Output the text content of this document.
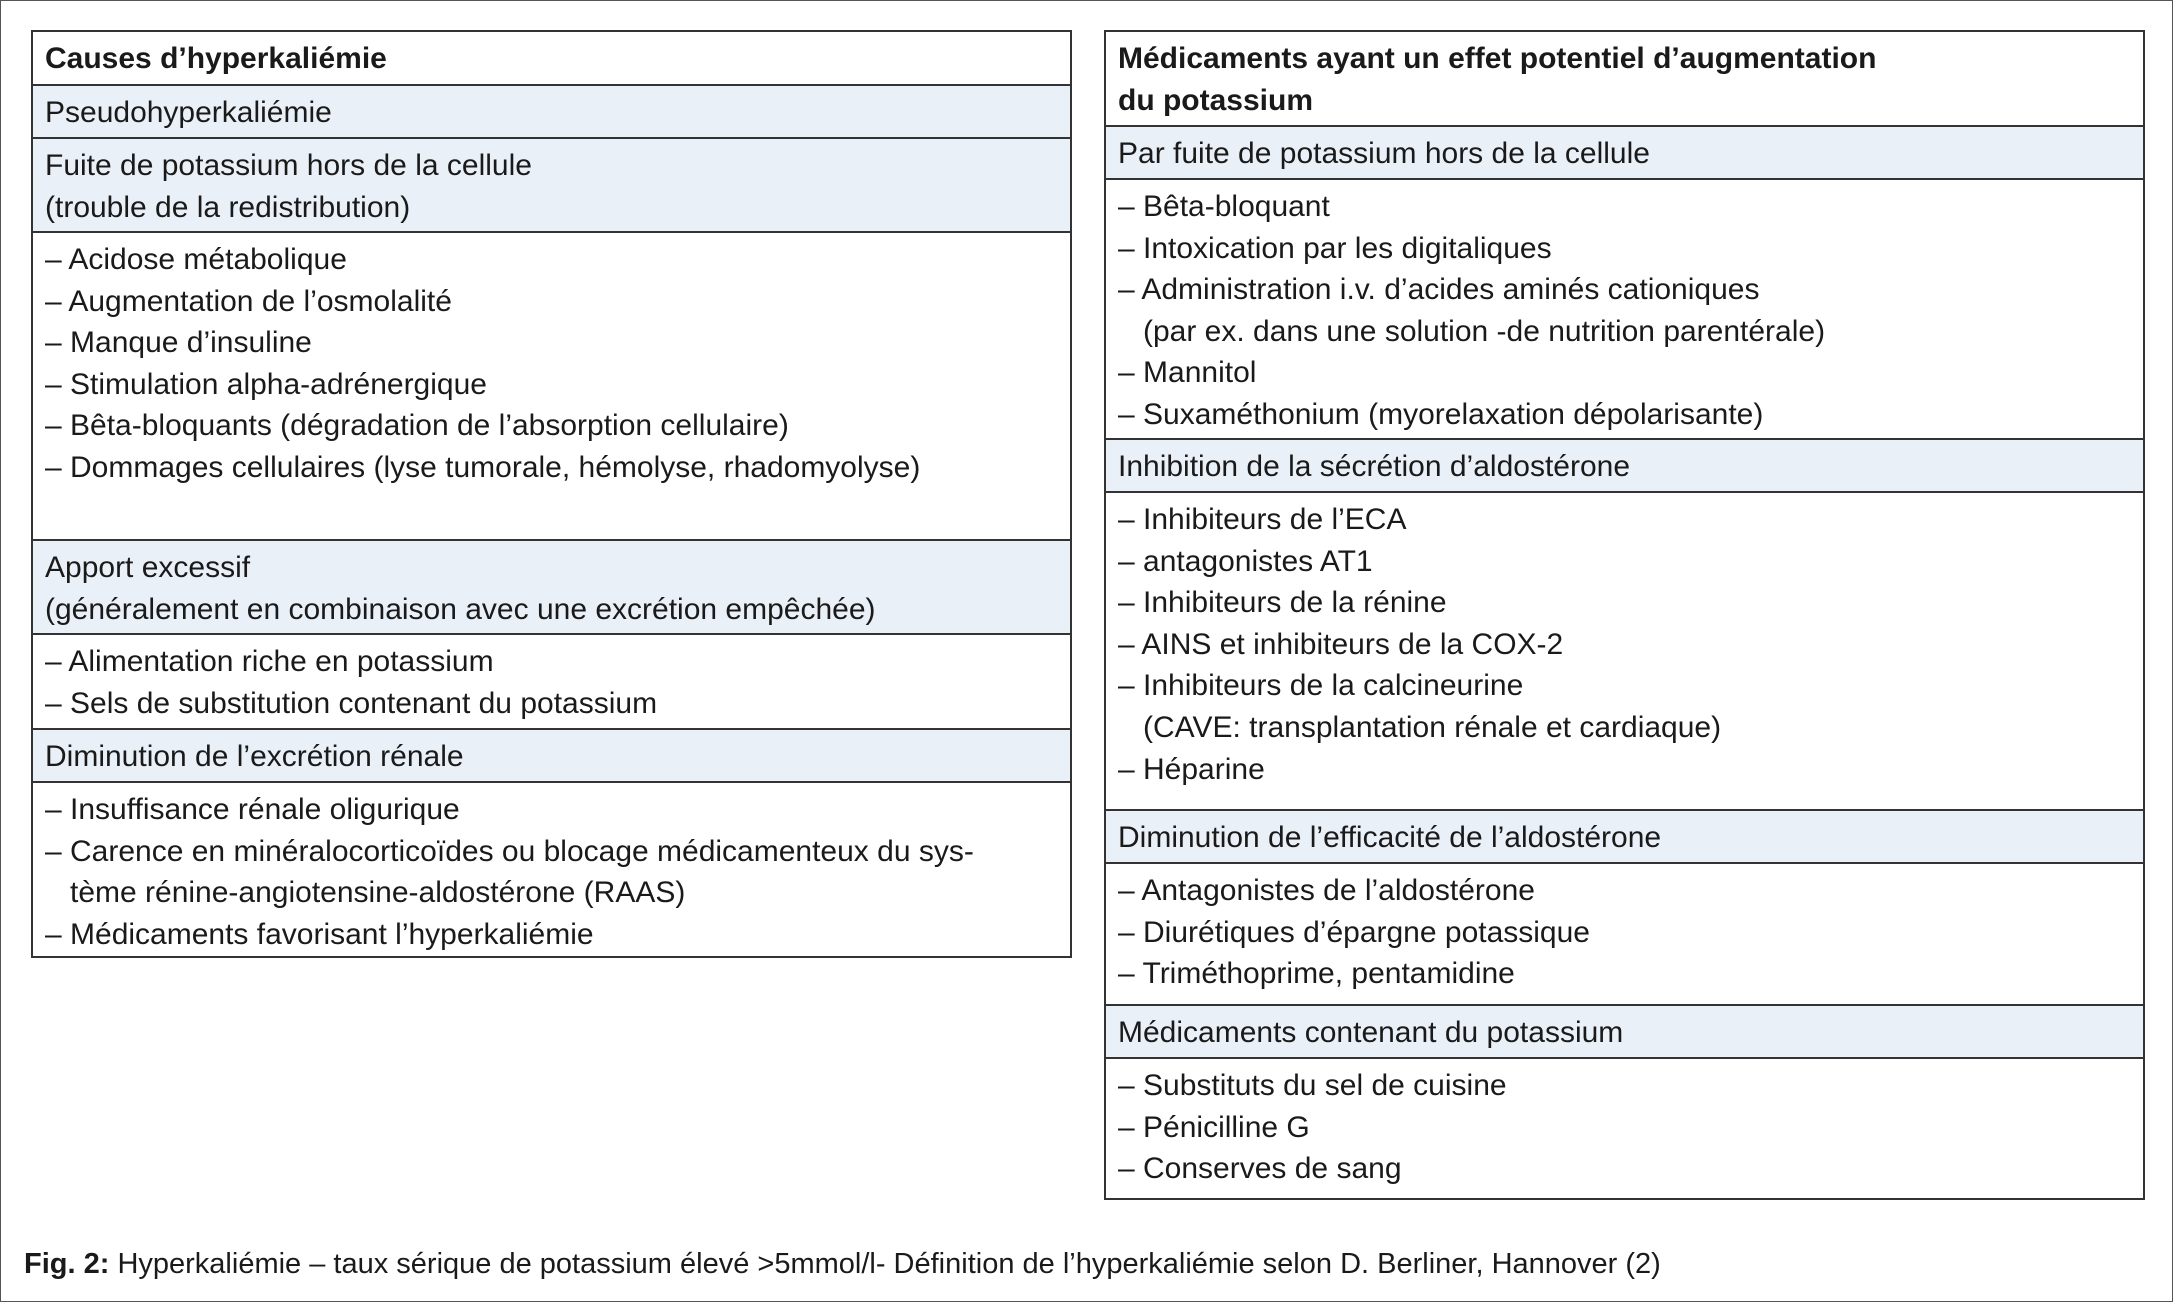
Causes d’hyperkaliémie
Pseudohyperkaliémie
Fuite de potassium hors de la cellule
(trouble de la redistribution)
– Acidose métabolique
– Augmentation de l’osmolalité
– Manque d’insuline
– Stimulation alpha-adrénergique
– Bêta-bloquants (dégradation de l’absorption cellulaire)
– Dommages cellulaires (lyse tumorale, hémolyse, rhadomyolyse)
Apport excessif
(généralement en combinaison avec une excrétion empêchée)
– Alimentation riche en potassium
– Sels de substitution contenant du potassium
Diminution de l’excrétion rénale
– Insuffisance rénale oligurique
– Carence en minéralocorticoïdes ou blocage médicamenteux du sys-
tème rénine-angiotensine-aldostérone (RAAS)
– Médicaments favorisant l’hyperkaliémie
Médicaments ayant un effet potentiel d’augmentation
du potassium
Par fuite de potassium hors de la cellule
– Bêta-bloquant
– Intoxication par les digitaliques
– Administration i.v. d’acides aminés cationiques
(par ex. dans une solution -de nutrition parentérale)
– Mannitol
– Suxaméthonium (myorelaxation dépolarisante)
Inhibition de la sécrétion d’aldostérone
– Inhibiteurs de l’ECA
– antagonistes AT1
– Inhibiteurs de la rénine
– AINS et inhibiteurs de la COX-2
– Inhibiteurs de la calcineurine
(CAVE: transplantation rénale et cardiaque)
– Héparine
Diminution de l’efficacité de l’aldostérone
– Antagonistes de l’aldostérone
– Diurétiques d’épargne potassique
– Triméthoprime, pentamidine
Médicaments contenant du potassium
– Substituts du sel de cuisine
– Pénicilline G
– Conserves de sang
Fig. 2: Hyperkaliémie – taux sérique de potassium élevé >5mmol/l- Définition de l’hyperkaliémie selon D. Berliner, Hannover (2)
